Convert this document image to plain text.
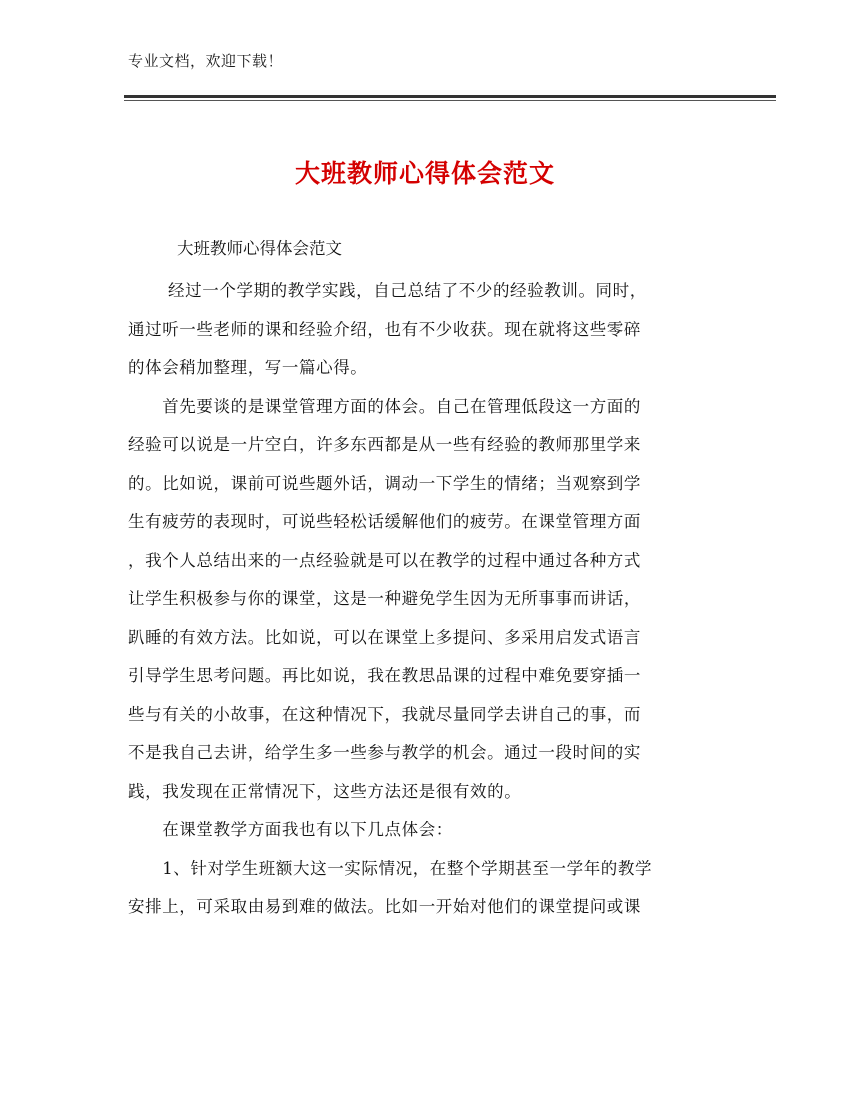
专业文档，欢迎下载！
大班教师心得体会范文
大班教师心得体会范文
　　 经过一个学期的教学实践，自己总结了不少的经验教训。同时，
通过听一些老师的课和经验介绍，也有不少收获。现在就将这些零碎
的体会稍加整理，写一篇心得。
　　首先要谈的是课堂管理方面的体会。自己在管理低段这一方面的
经验可以说是一片空白，许多东西都是从一些有经验的教师那里学来
的。比如说，课前可说些题外话，调动一下学生的情绪；当观察到学
生有疲劳的表现时，可说些轻松话缓解他们的疲劳。在课堂管理方面
，我个人总结出来的一点经验就是可以在教学的过程中通过各种方式
让学生积极参与你的课堂，这是一种避免学生因为无所事事而讲话，
趴睡的有效方法。比如说，可以在课堂上多提问、多采用启发式语言
引导学生思考问题。再比如说，我在教思品课的过程中难免要穿插一
些与有关的小故事，在这种情况下，我就尽量同学去讲自己的事，而
不是我自己去讲，给学生多一些参与教学的机会。通过一段时间的实
践，我发现在正常情况下，这些方法还是很有效的。
　　在课堂教学方面我也有以下几点体会：
　　1、针对学生班额大这一实际情况，在整个学期甚至一学年的教学
安排上，可采取由易到难的做法。比如一开始对他们的课堂提问或课
